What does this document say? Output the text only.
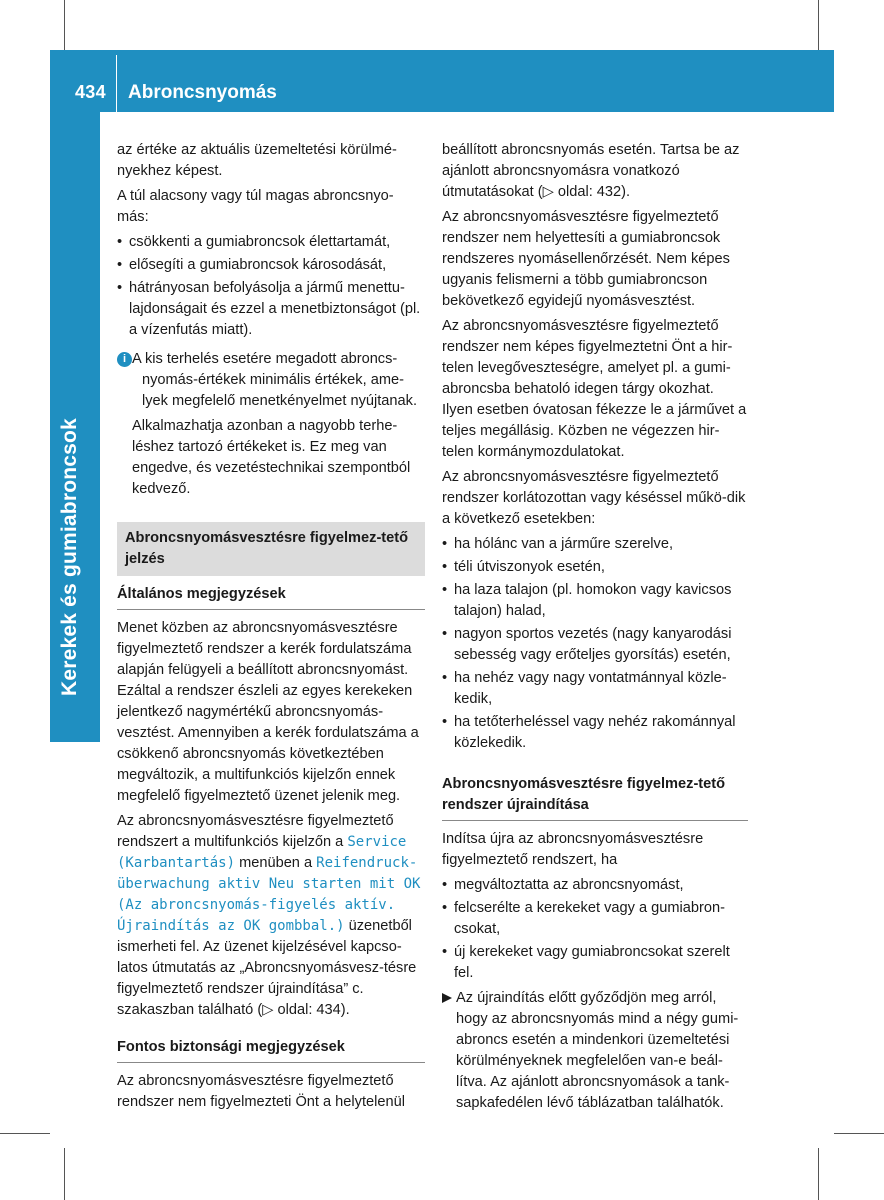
434 Abroncsnyomás
Kerekek és gumiabroncsok

az értéke az aktuális üzemeltetési körülmé-nyekhez képest.

A túl alacsony vagy túl magas abroncsnyo-más:

• csökkenti a gumiabroncsok élettartamát,
• elősegíti a gumiabroncsok károsodását,
• hátrányosan befolyásolja a jármű menettu-lajdonságait és ezzel a menetbiztonságot (pl. a vízenfutás miatt).
i A kis terhelés esetére megadott abroncs-nyomás-értékek minimális értékek, ame-lyek megfelelő menetkényelmet nyújtanak.

Alkalmazhatja azonban a nagyobb terhe-léshez tartozó értékeket is. Ez meg van engedve, és vezetéstechnikai szempontból kedvező.

Abroncsnyomásvesztésre figyelmez-tető jelzés
Általános megjegyzések

Menet közben az abroncsnyomásvesztésre figyelmeztető rendszer a kerék fordulatszáma alapján felügyeli a beállított abroncsnyomást. Ezáltal a rendszer észleli az egyes kerekeken jelentkező nagymértékű abroncsnyomás-vesztést. Amennyiben a kerék fordulatszáma a csökkenő abroncsnyomás következtében megváltozik, a multifunkciós kijelzőn ennek megfelelő figyelmeztető üzenet jelenik meg.

Az abroncsnyomásvesztésre figyelmeztető rendszert a multifunkciós kijelzőn a Service (Karbantartás) menüben a Reifendruck-überwachung aktiv Neu starten mit OK (Az abroncsnyomás-figyelés aktív. Újraindítás az OK gombbal.) üzenetből ismerheti fel. Az üzenet kijelzésével kapcso-latos útmutatás az „Abroncsnyomásvesz-tésre figyelmeztető rendszer újraindítása” c. szakaszban található (▷ oldal: 434).

Fontos biztonsági megjegyzések

Az abroncsnyomásvesztésre figyelmeztető rendszer nem figyelmezteti Önt a helytelenül

beállított abroncsnyomás esetén. Tartsa be az ajánlott abroncsnyomásra vonatkozó útmutatásokat (▷ oldal: 432).

Az abroncsnyomásvesztésre figyelmeztető rendszer nem helyettesíti a gumiabroncsok rendszeres nyomásellenőrzését. Nem képes ugyanis felismerni a több gumiabroncson bekövetkező egyidejű nyomásvesztést.

Az abroncsnyomásvesztésre figyelmeztető rendszer nem képes figyelmeztetni Önt a hir-telen levegőveszteségre, amelyet pl. a gumi-abroncsba behatoló idegen tárgy okozhat. Ilyen esetben óvatosan fékezze le a járművet a teljes megállásig. Közben ne végezzen hir-telen kormánymozdulatokat.

Az abroncsnyomásvesztésre figyelmeztető rendszer korlátozottan vagy késéssel műkö-dik a következő esetekben:

• ha hólánc van a járműre szerelve,
• téli útviszonyok esetén,
• ha laza talajon (pl. homokon vagy kavicsos talajon) halad,
• nagyon sportos vezetés (nagy kanyarodási sebesség vagy erőteljes gyorsítás) esetén,
• ha nehéz vagy nagy vontatmánnyal közle-kedik,
• ha tetőterheléssel vagy nehéz rakománnyal közlekedik.
Abroncsnyomásvesztésre figyelmez-tető rendszer újraindítása

Indítsa újra az abroncsnyomásvesztésre figyelmeztető rendszert, ha

• megváltoztatta az abroncsnyomást,
• felcserélte a kerekeket vagy a gumiabron-csokat,
• új kerekeket vagy gumiabroncsokat szerelt fel.
Az újraindítás előtt győződjön meg arról, hogy az abroncsnyomás mind a négy gumi-abroncs esetén a mindenkori üzemeltetési körülményeknek megfelelően van-e beál-lítva. Az ajánlott abroncsnyomások a tank-sapkafedélen lévő táblázatban találhatók.
